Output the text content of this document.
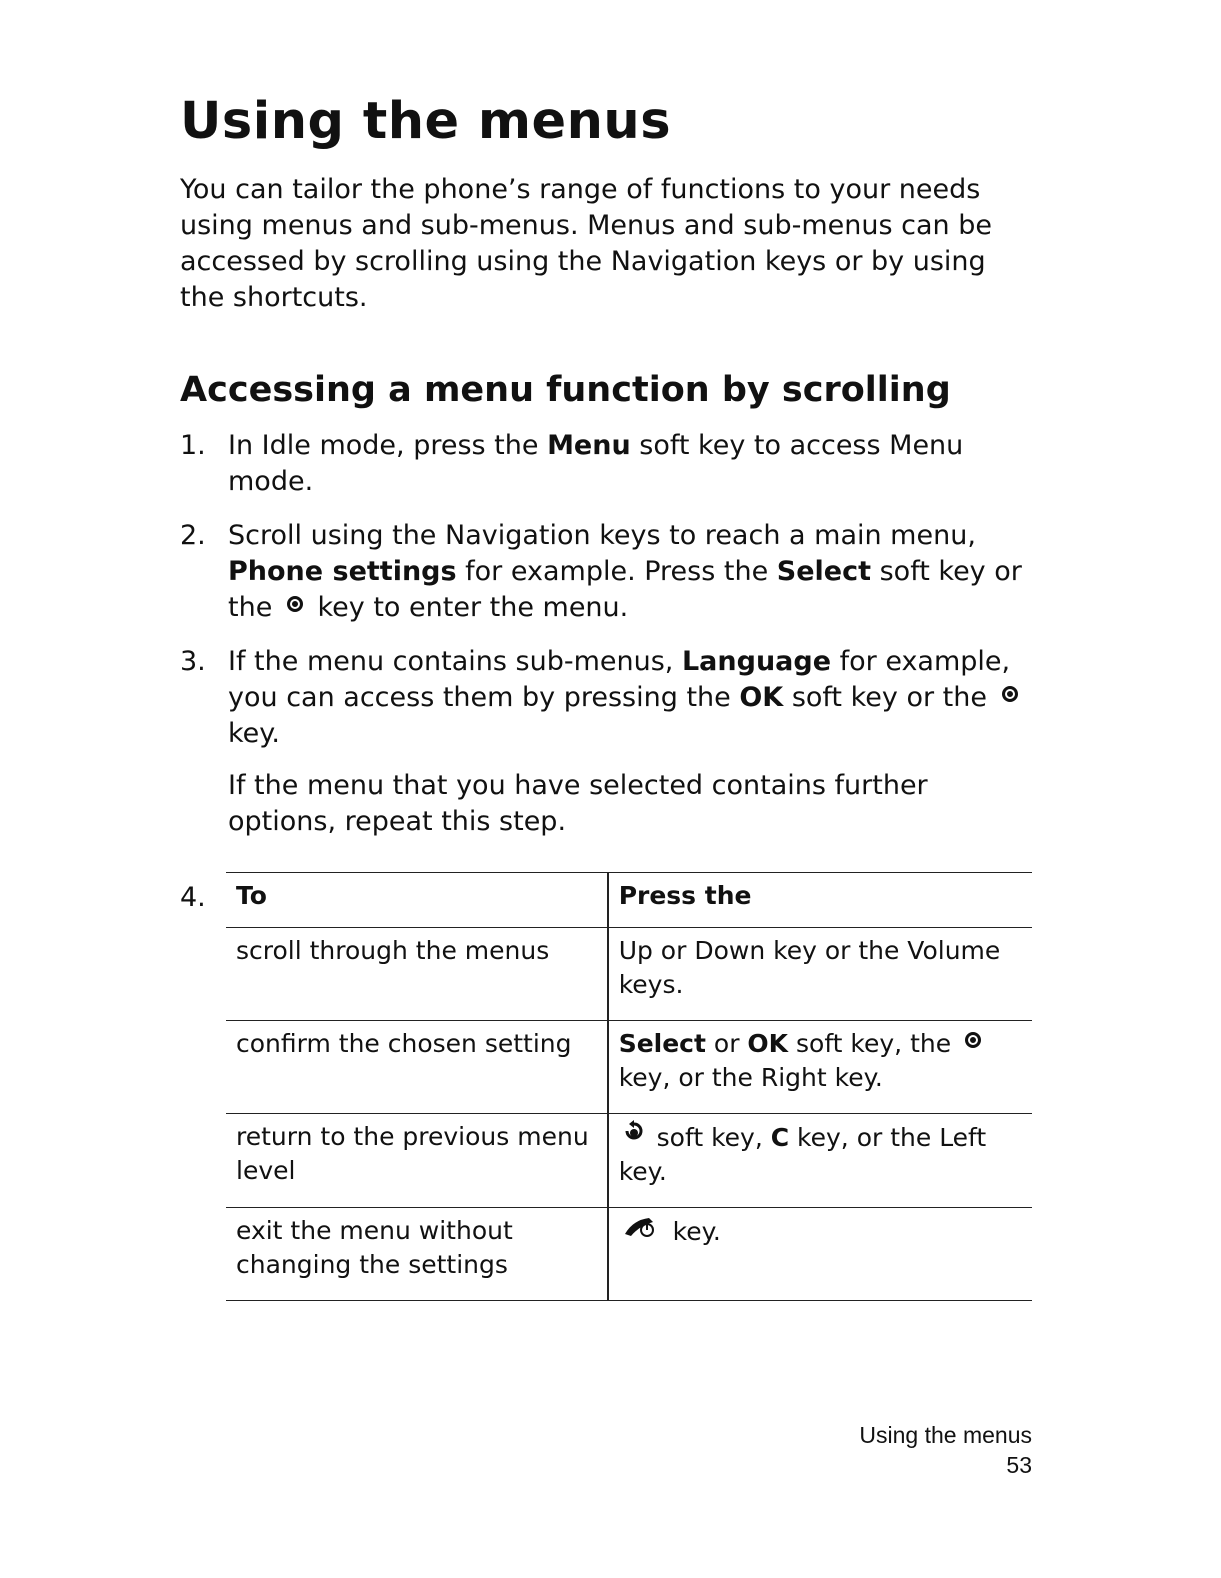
Using the menus

You can tailor the phone’s range of functions to your needs using menus and sub-menus. Menus and sub-menus can be accessed by scrolling using the Navigation keys or by using the shortcuts.

Accessing a menu function by scrolling
1. In Idle mode, press the Menu soft key to access Menu mode.

2. Scroll using the Navigation keys to reach a main menu, Phone settings for example. Press the Select soft key or the  key to enter the menu.

3. If the menu contains sub-menus, Language for example, you can access them by pressing the OK soft key or the  key.

If the menu that you have selected contains further options, repeat this step.

4. To	Press the
scroll through the menus	Up or Down key or the Volume keys.
confirm the chosen setting	Select or OK soft key, the  key, or the Right key.
return to the previous menu level	soft key, C key, or the Left key.
exit the menu without changing the settings	key.
Using the menus
53
